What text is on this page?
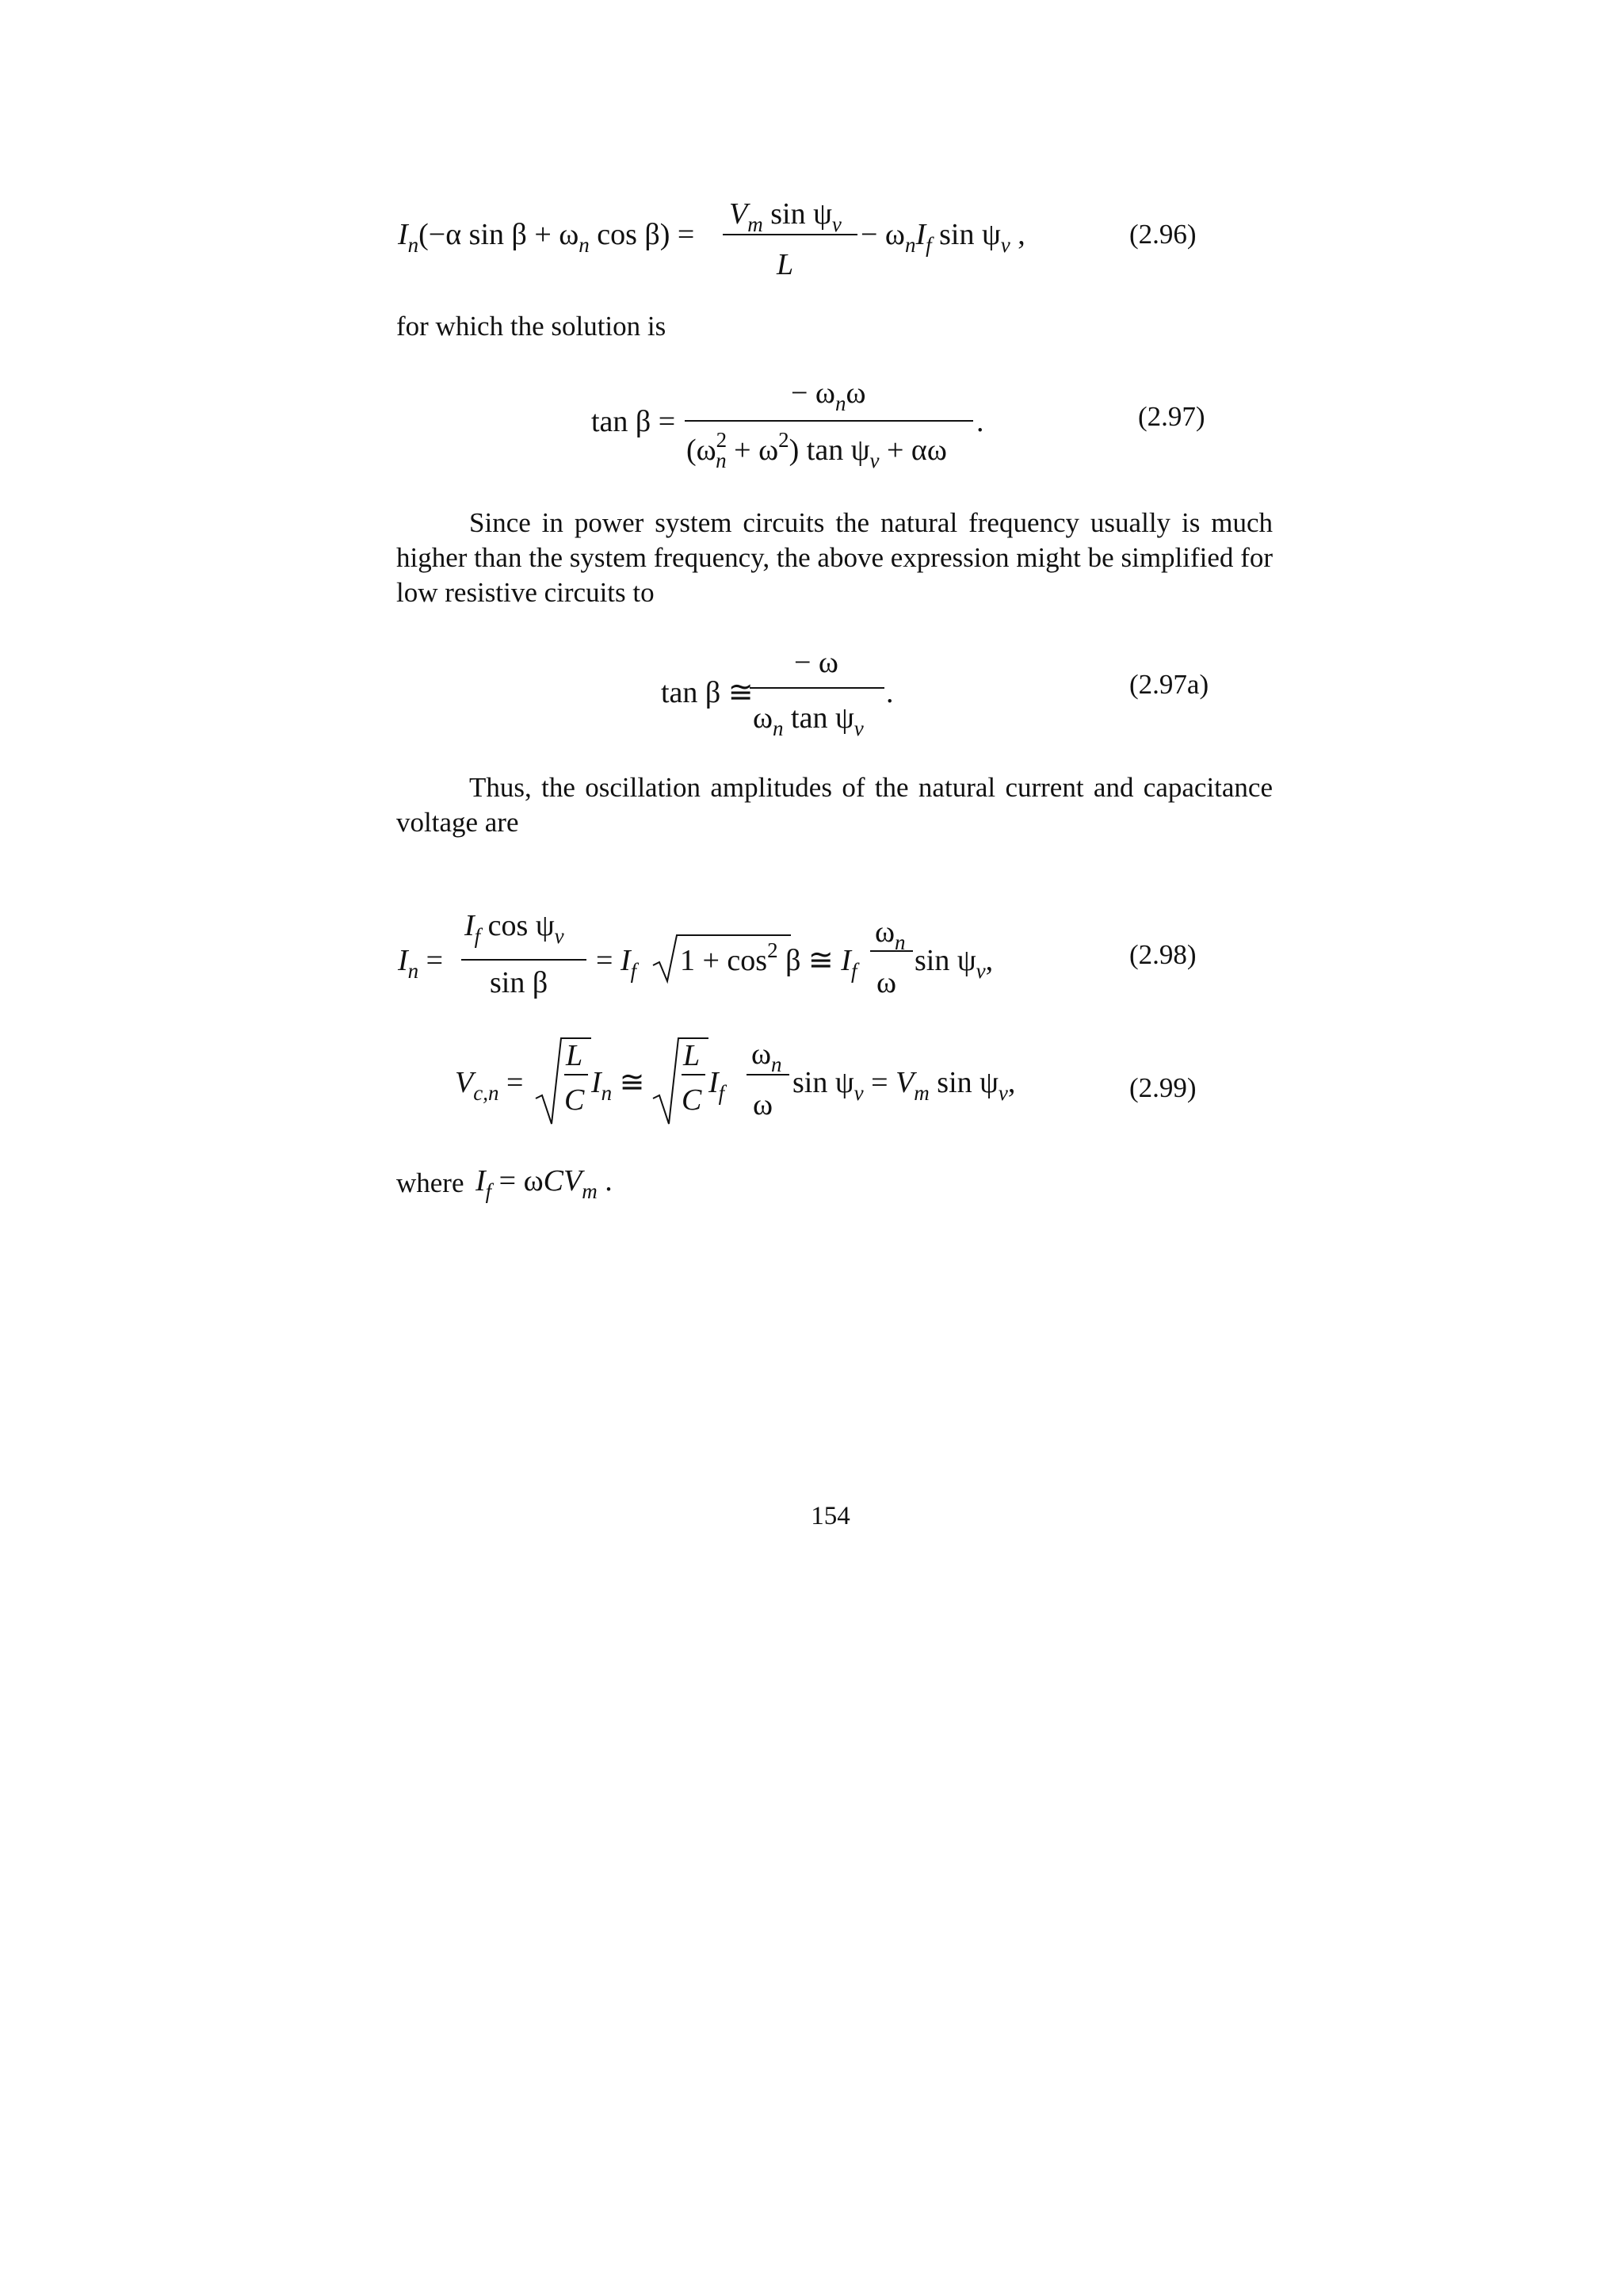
$I_n(-\alpha$ $\sin \beta + \omega_n$ cos β) =
$V_m$ $\sin \psi_v$
L
− $\omega_nI_f$ $\sin \psi_v$ ,	(2.96)
for which the solution is
tan β =
− $\omega_n\omega$
.
($\omega^2$ $n + \omega^2$) $\tan \psi_v + \alpha\omega$
(2.97)
Since in power system circuits the natural frequency usually is much higher than the system frequency, the above expression might be simplified for low resistive circuits to
tan β ≅
− ω
.
$\omega_n$ $\tan \psi_v$
(2.97a)
Thus, the oscillation amplitudes of the natural current and capacitance voltage are
$I_n$ =
$I_f$ $\cos \psi_v$
sin β
= $I_f$ $1 + \cos^2 \beta$ ≅ $I_f$
$\omega_n$
ω
$\sin \psi_v$,	(2.98)
$V_{c,n}$ =
L
C
$I_n$ ≅
L
C
$I_f$
$\omega_n$
ω
$\sin \psi_v = V_m$ $\sin \psi_v$,	(2.99)
where $I_f = \omega CV_m$ .
154
